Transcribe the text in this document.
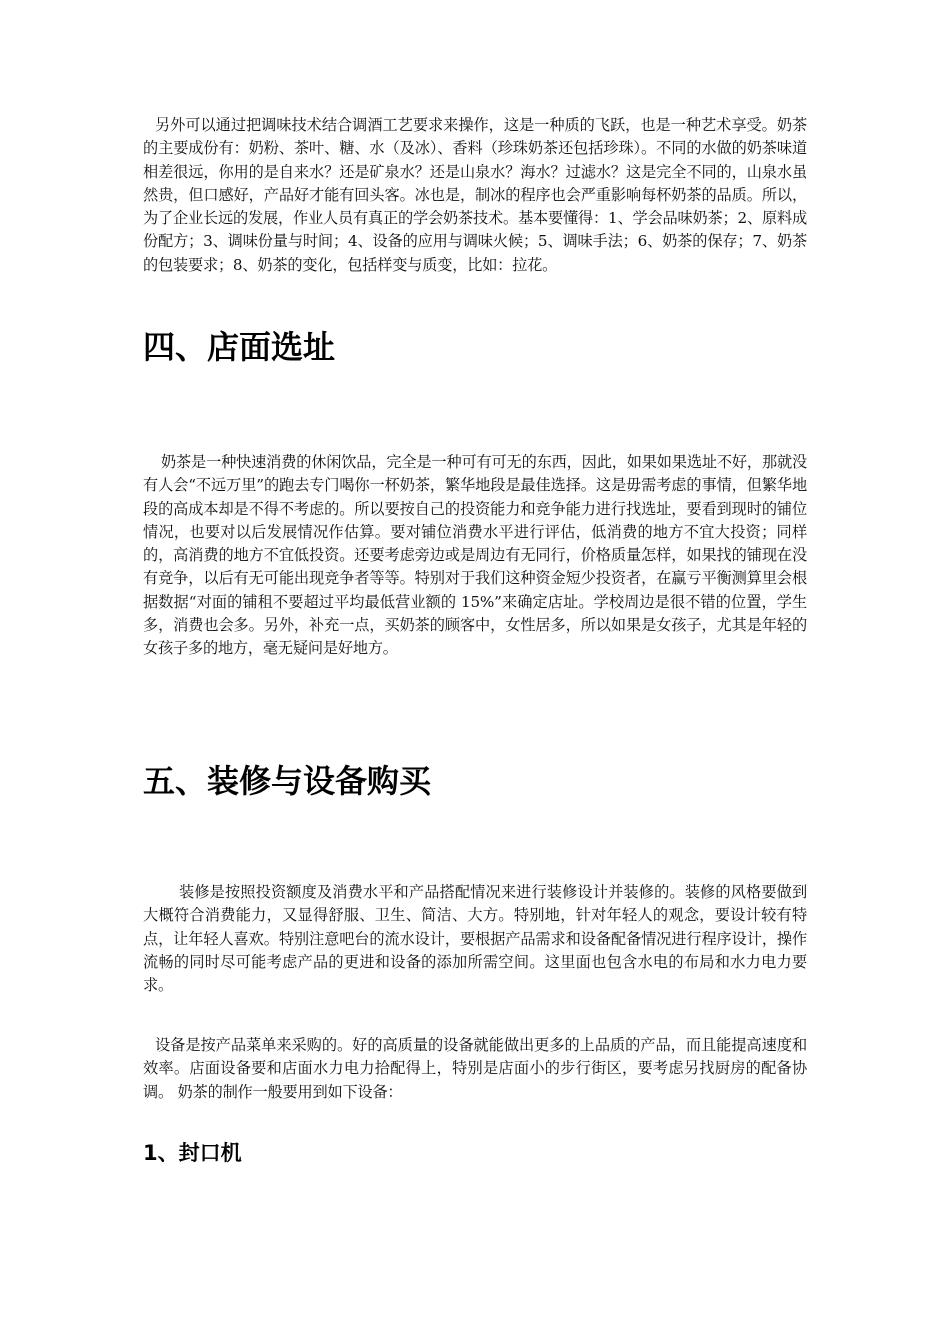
另外可以通过把调味技术结合调酒工艺要求来操作，这是一种质的飞跃，也是一种艺术享受。奶茶的主要成份有：奶粉、茶叶、糖、水（及冰）、香料（珍珠奶茶还包括珍珠）。不同的水做的奶茶味道相差很远，你用的是自来水？还是矿泉水？还是山泉水？海水？过滤水？这是完全不同的，山泉水虽然贵，但口感好，产品好才能有回头客。冰也是，制冰的程序也会严重影响每杯奶茶的品质。所以，为了企业长远的发展，作业人员有真正的学会奶茶技术。基本要懂得：1、学会品味奶茶；2、原料成份配方；3、调味份量与时间；4、设备的应用与调味火候；5、调味手法；6、奶茶的保存；7、奶茶的包装要求；8、奶茶的变化，包括样变与质变，比如：拉花。

四、店面选址

奶茶是一种快速消费的休闲饮品，完全是一种可有可无的东西，因此，如果如果选址不好，那就没有人会“不远万里”的跑去专门喝你一杯奶茶，繁华地段是最佳选择。这是毋需考虑的事情，但繁华地段的高成本却是不得不考虑的。所以要按自己的投资能力和竞争能力进行找选址，要看到现时的铺位情况，也要对以后发展情况作估算。要对铺位消费水平进行评估，低消费的地方不宜大投资；同样的，高消费的地方不宜低投资。还要考虑旁边或是周边有无同行，价格质量怎样，如果找的铺现在没有竞争，以后有无可能出现竞争者等等。特别对于我们这种资金短少投资者，在赢亏平衡测算里会根据数据“对面的铺租不要超过平均最低营业额的 15%”来确定店址。学校周边是很不错的位置，学生多，消费也会多。另外，补充一点，买奶茶的顾客中，女性居多，所以如果是女孩子，尤其是年轻的女孩子多的地方，毫无疑问是好地方。

五、装修与设备购买

装修是按照投资额度及消费水平和产品搭配情况来进行装修设计并装修的。装修的风格要做到大概符合消费能力，又显得舒服、卫生、简洁、大方。特别地，针对年轻人的观念，要设计较有特点，让年轻人喜欢。特别注意吧台的流水设计，要根据产品需求和设备配备情况进行程序设计，操作流畅的同时尽可能考虑产品的更进和设备的添加所需空间。这里面也包含水电的布局和水力电力要求。

设备是按产品菜单来采购的。好的高质量的设备就能做出更多的上品质的产品，而且能提高速度和效率。店面设备要和店面水力电力拾配得上，特别是店面小的步行街区，要考虑另找厨房的配备协调。 奶茶的制作一般要用到如下设备：

1、封口机
